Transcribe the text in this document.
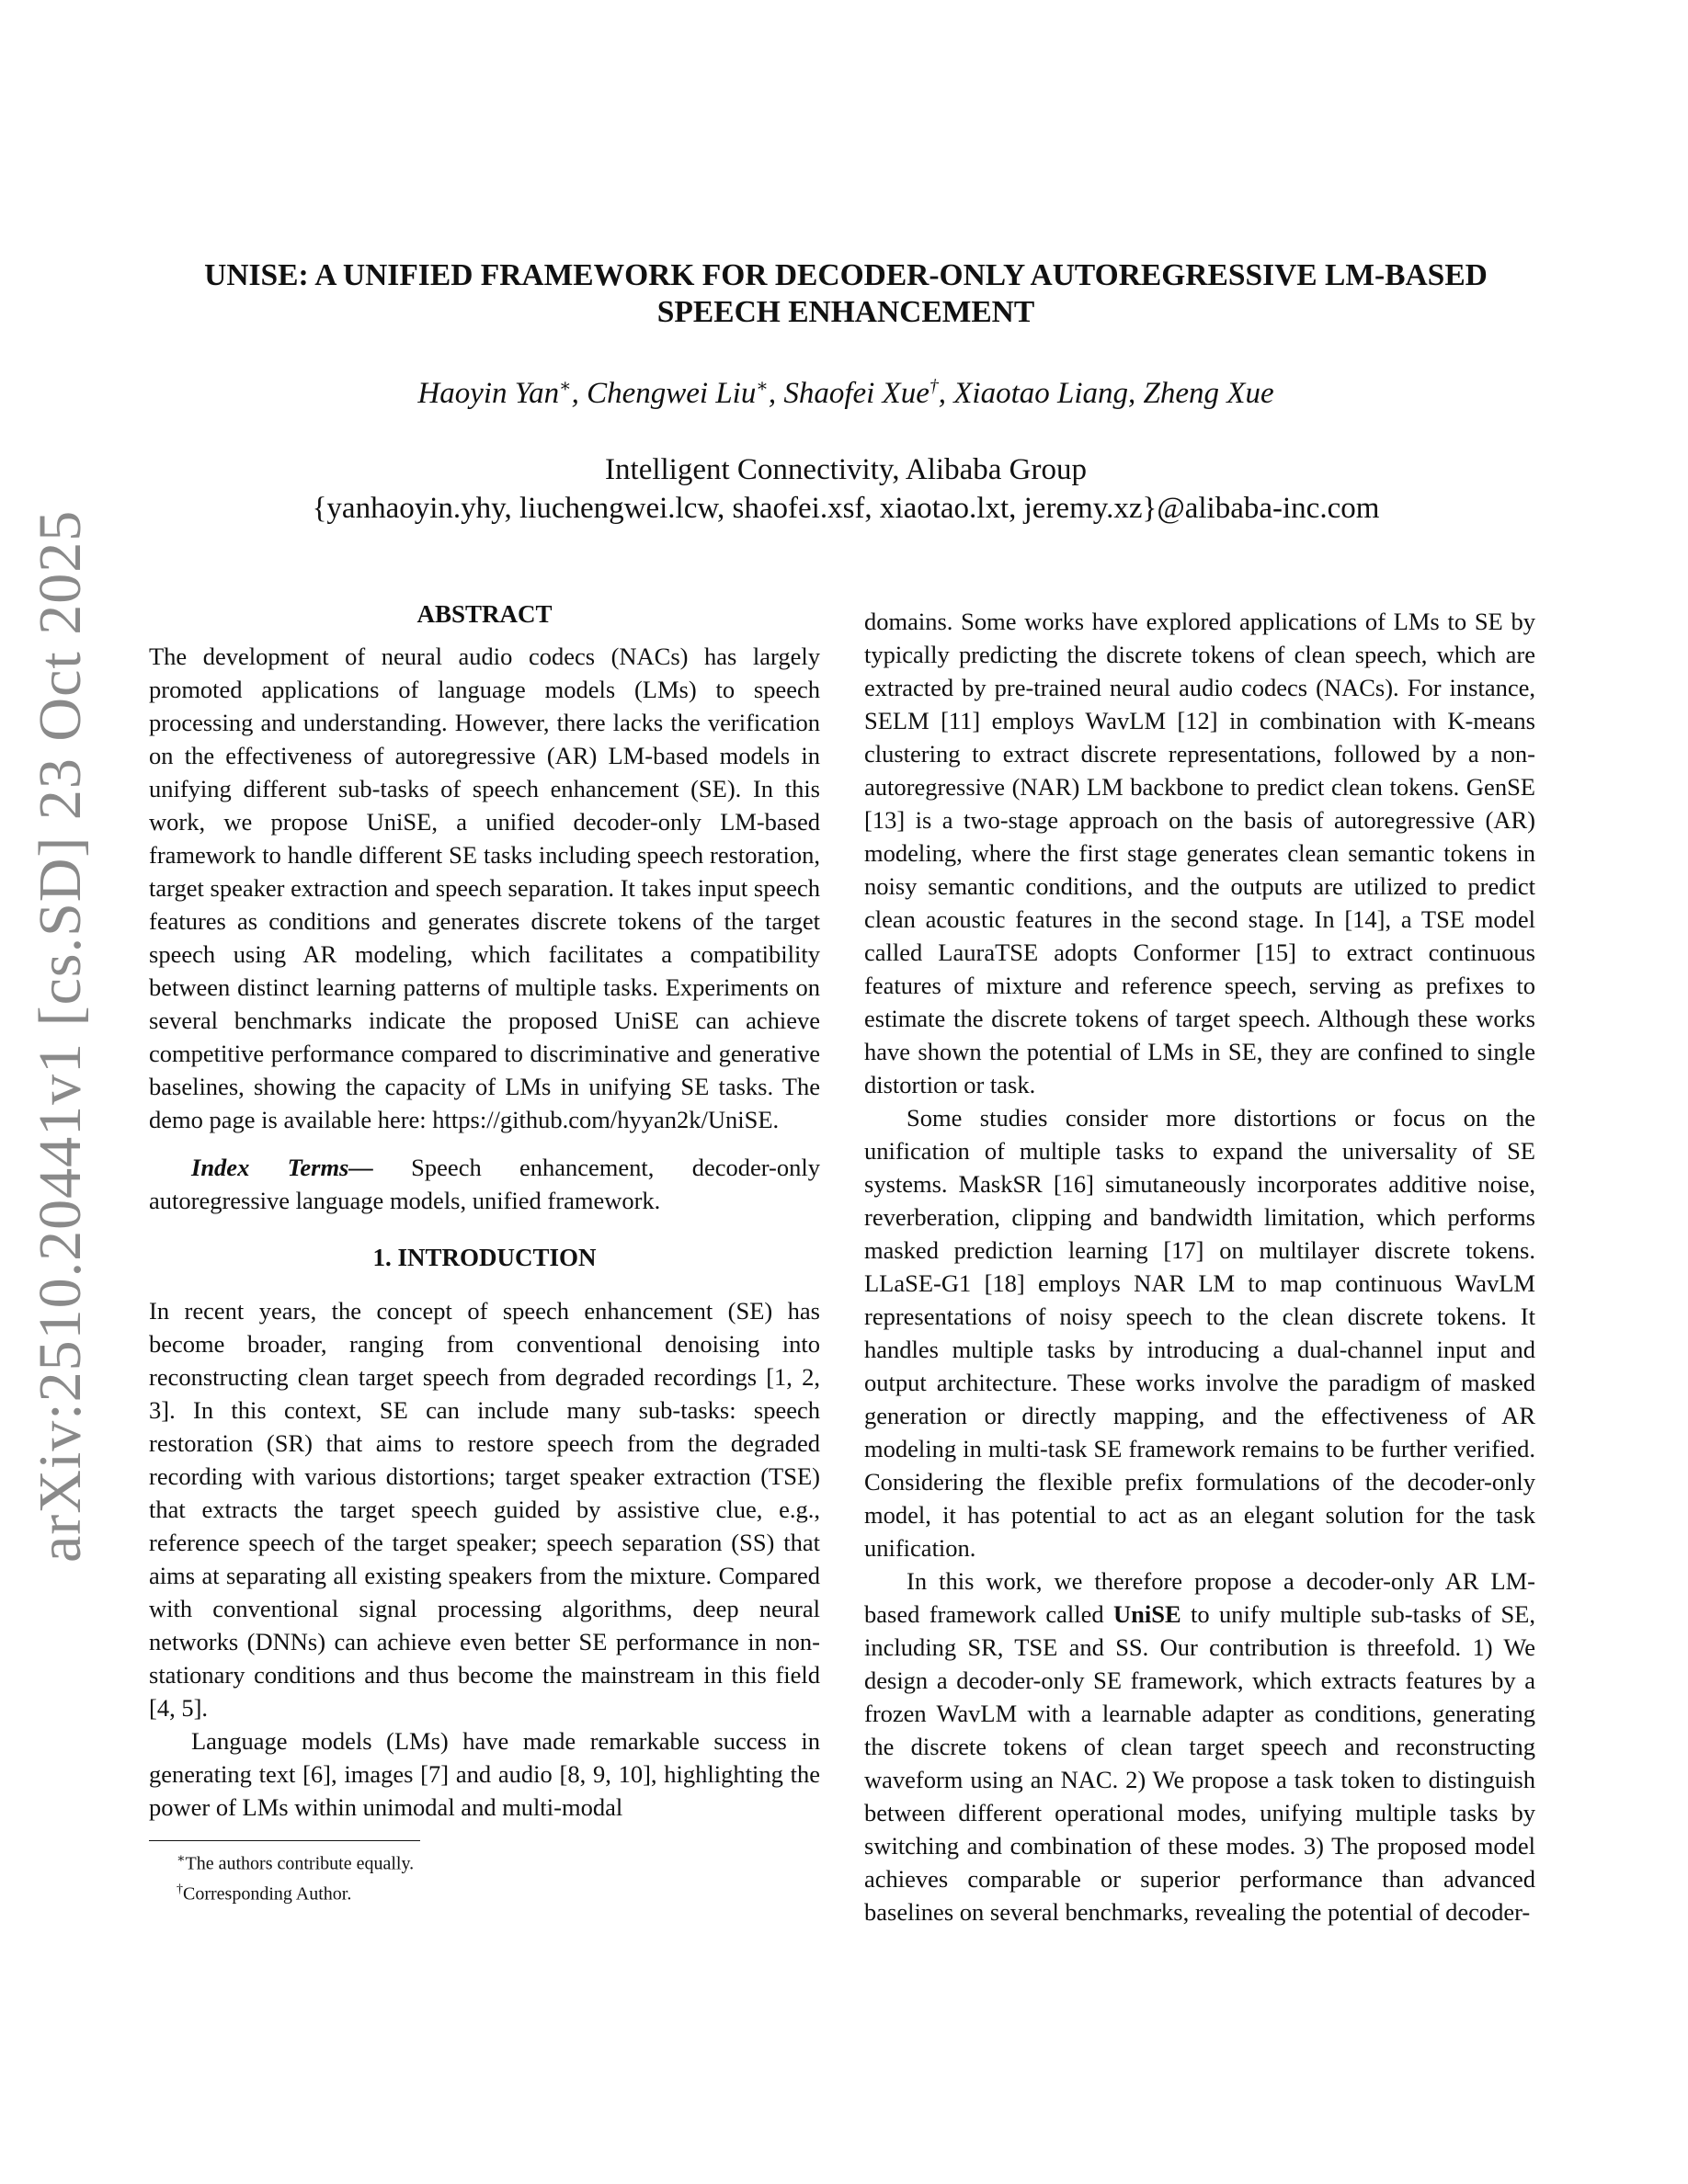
arXiv:2510.20441v1 [cs.SD] 23 Oct 2025
UNISE: A UNIFIED FRAMEWORK FOR DECODER-ONLY AUTOREGRESSIVE LM-BASED
SPEECH ENHANCEMENT
Haoyin Yan∗, Chengwei Liu∗, Shaofei Xue†, Xiaotao Liang, Zheng Xue
Intelligent Connectivity, Alibaba Group
{yanhaoyin.yhy, liuchengwei.lcw, shaofei.xsf, xiaotao.lxt, jeremy.xz}@alibaba-inc.com
ABSTRACT

The development of neural audio codecs (NACs) has largely promoted applications of language models (LMs) to speech processing and understanding. However, there lacks the verification on the effectiveness of autoregressive (AR) LM-based models in unifying different sub-tasks of speech enhancement (SE). In this work, we propose UniSE, a unified decoder-only LM-based framework to handle different SE tasks including speech restoration, target speaker extraction and speech separation. It takes input speech features as conditions and generates discrete tokens of the target speech using AR modeling, which facilitates a compatibility between distinct learning patterns of multiple tasks. Experiments on several benchmarks indicate the proposed UniSE can achieve competitive performance compared to discriminative and generative baselines, showing the capacity of LMs in unifying SE tasks. The demo page is available here: https://github.com/hyyan2k/UniSE.

Index Terms— Speech enhancement, decoder-only autoregressive language models, unified framework.

1. INTRODUCTION

In recent years, the concept of speech enhancement (SE) has become broader, ranging from conventional denoising into reconstructing clean target speech from degraded recordings [1, 2, 3]. In this context, SE can include many sub-tasks: speech restoration (SR) that aims to restore speech from the degraded recording with various distortions; target speaker extraction (TSE) that extracts the target speech guided by assistive clue, e.g., reference speech of the target speaker; speech separation (SS) that aims at separating all existing speakers from the mixture. Compared with conventional signal processing algorithms, deep neural networks (DNNs) can achieve even better SE performance in non-stationary conditions and thus become the mainstream in this field [4, 5].

Language models (LMs) have made remarkable success in generating text [6], images [7] and audio [8, 9, 10], highlighting the power of LMs within unimodal and multi-modal

∗The authors contribute equally.
†Corresponding Author.

domains. Some works have explored applications of LMs to SE by typically predicting the discrete tokens of clean speech, which are extracted by pre-trained neural audio codecs (NACs). For instance, SELM [11] employs WavLM [12] in combination with K-means clustering to extract discrete representations, followed by a non-autoregressive (NAR) LM backbone to predict clean tokens. GenSE [13] is a two-stage approach on the basis of autoregressive (AR) modeling, where the first stage generates clean semantic tokens in noisy semantic conditions, and the outputs are utilized to predict clean acoustic features in the second stage. In [14], a TSE model called LauraTSE adopts Conformer [15] to extract continuous features of mixture and reference speech, serving as prefixes to estimate the discrete tokens of target speech. Although these works have shown the potential of LMs in SE, they are confined to single distortion or task.

Some studies consider more distortions or focus on the unification of multiple tasks to expand the universality of SE systems. MaskSR [16] simutaneously incorporates additive noise, reverberation, clipping and bandwidth limitation, which performs masked prediction learning [17] on multilayer discrete tokens. LLaSE-G1 [18] employs NAR LM to map continuous WavLM representations of noisy speech to the clean discrete tokens. It handles multiple tasks by introducing a dual-channel input and output architecture. These works involve the paradigm of masked generation or directly mapping, and the effectiveness of AR modeling in multi-task SE framework remains to be further verified. Considering the flexible prefix formulations of the decoder-only model, it has potential to act as an elegant solution for the task unification.

In this work, we therefore propose a decoder-only AR LM-based framework called UniSE to unify multiple sub-tasks of SE, including SR, TSE and SS. Our contribution is threefold. 1) We design a decoder-only SE framework, which extracts features by a frozen WavLM with a learnable adapter as conditions, generating the discrete tokens of clean target speech and reconstructing waveform using an NAC. 2) We propose a task token to distinguish between different operational modes, unifying multiple tasks by switching and combination of these modes. 3) The proposed model achieves comparable or superior performance than advanced baselines on several benchmarks, revealing the potential of decoder-
